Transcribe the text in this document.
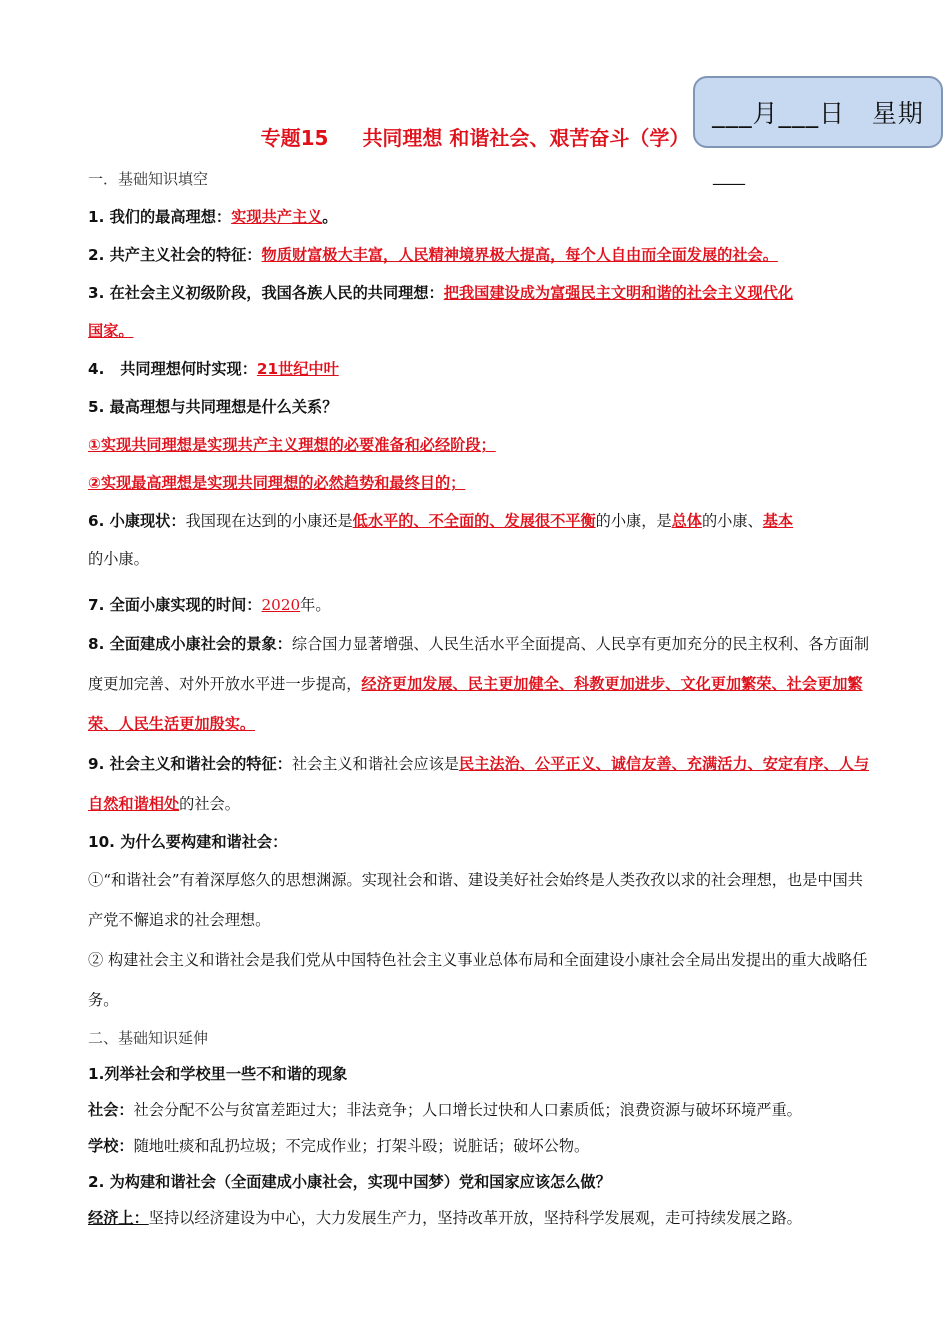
___月___日   星期
____
专题15 共同理想 和谐社会、艰苦奋斗（学）
一．基础知识填空
1. 我们的最高理想：实现共产主义。
2. 共产主义社会的特征：物质财富极大丰富，人民精神境界极大提高，每个人自由而全面发展的社会。
3. 在社会主义初级阶段，我国各族人民的共同理想：把我国建设成为富强民主文明和谐的社会主义现代化
国家。
4.   共同理想何时实现：21世纪中叶
5. 最高理想与共同理想是什么关系？
①实现共同理想是实现共产主义理想的必要准备和必经阶段；
②实现最高理想是实现共同理想的必然趋势和最终目的；
6. 小康现状：我国现在达到的小康还是低水平的、不全面的、发展很不平衡的小康，是总体的小康、基本
的小康。
7. 全面小康实现的时间：2020年。
8. 全面建成小康社会的景象：综合国力显著增强、人民生活水平全面提高、人民享有更加充分的民主权利、各方面制度更加完善、对外开放水平进一步提高，经济更加发展、民主更加健全、科教更加进步、文化更加繁荣、社会更加繁荣、人民生活更加殷实。
9. 社会主义和谐社会的特征：社会主义和谐社会应该是民主法治、公平正义、诚信友善、充满活力、安定有序、人与自然和谐相处的社会。
10. 为什么要构建和谐社会：
①“和谐社会”有着深厚悠久的思想渊源。实现社会和谐、建设美好社会始终是人类孜孜以求的社会理想，也是中国共产党不懈追求的社会理想。
② 构建社会主义和谐社会是我们党从中国特色社会主义事业总体布局和全面建设小康社会全局出发提出的重大战略任务。
二、基础知识延伸
1.列举社会和学校里一些不和谐的现象
社会：社会分配不公与贫富差距过大；非法竞争；人口增长过快和人口素质低；浪费资源与破坏环境严重。
学校：随地吐痰和乱扔垃圾；不完成作业；打架斗殴；说脏话；破坏公物。
2. 为构建和谐社会（全面建成小康社会，实现中国梦）党和国家应该怎么做？
经济上：坚持以经济建设为中心，大力发展生产力，坚持改革开放，坚持科学发展观，走可持续发展之路。
